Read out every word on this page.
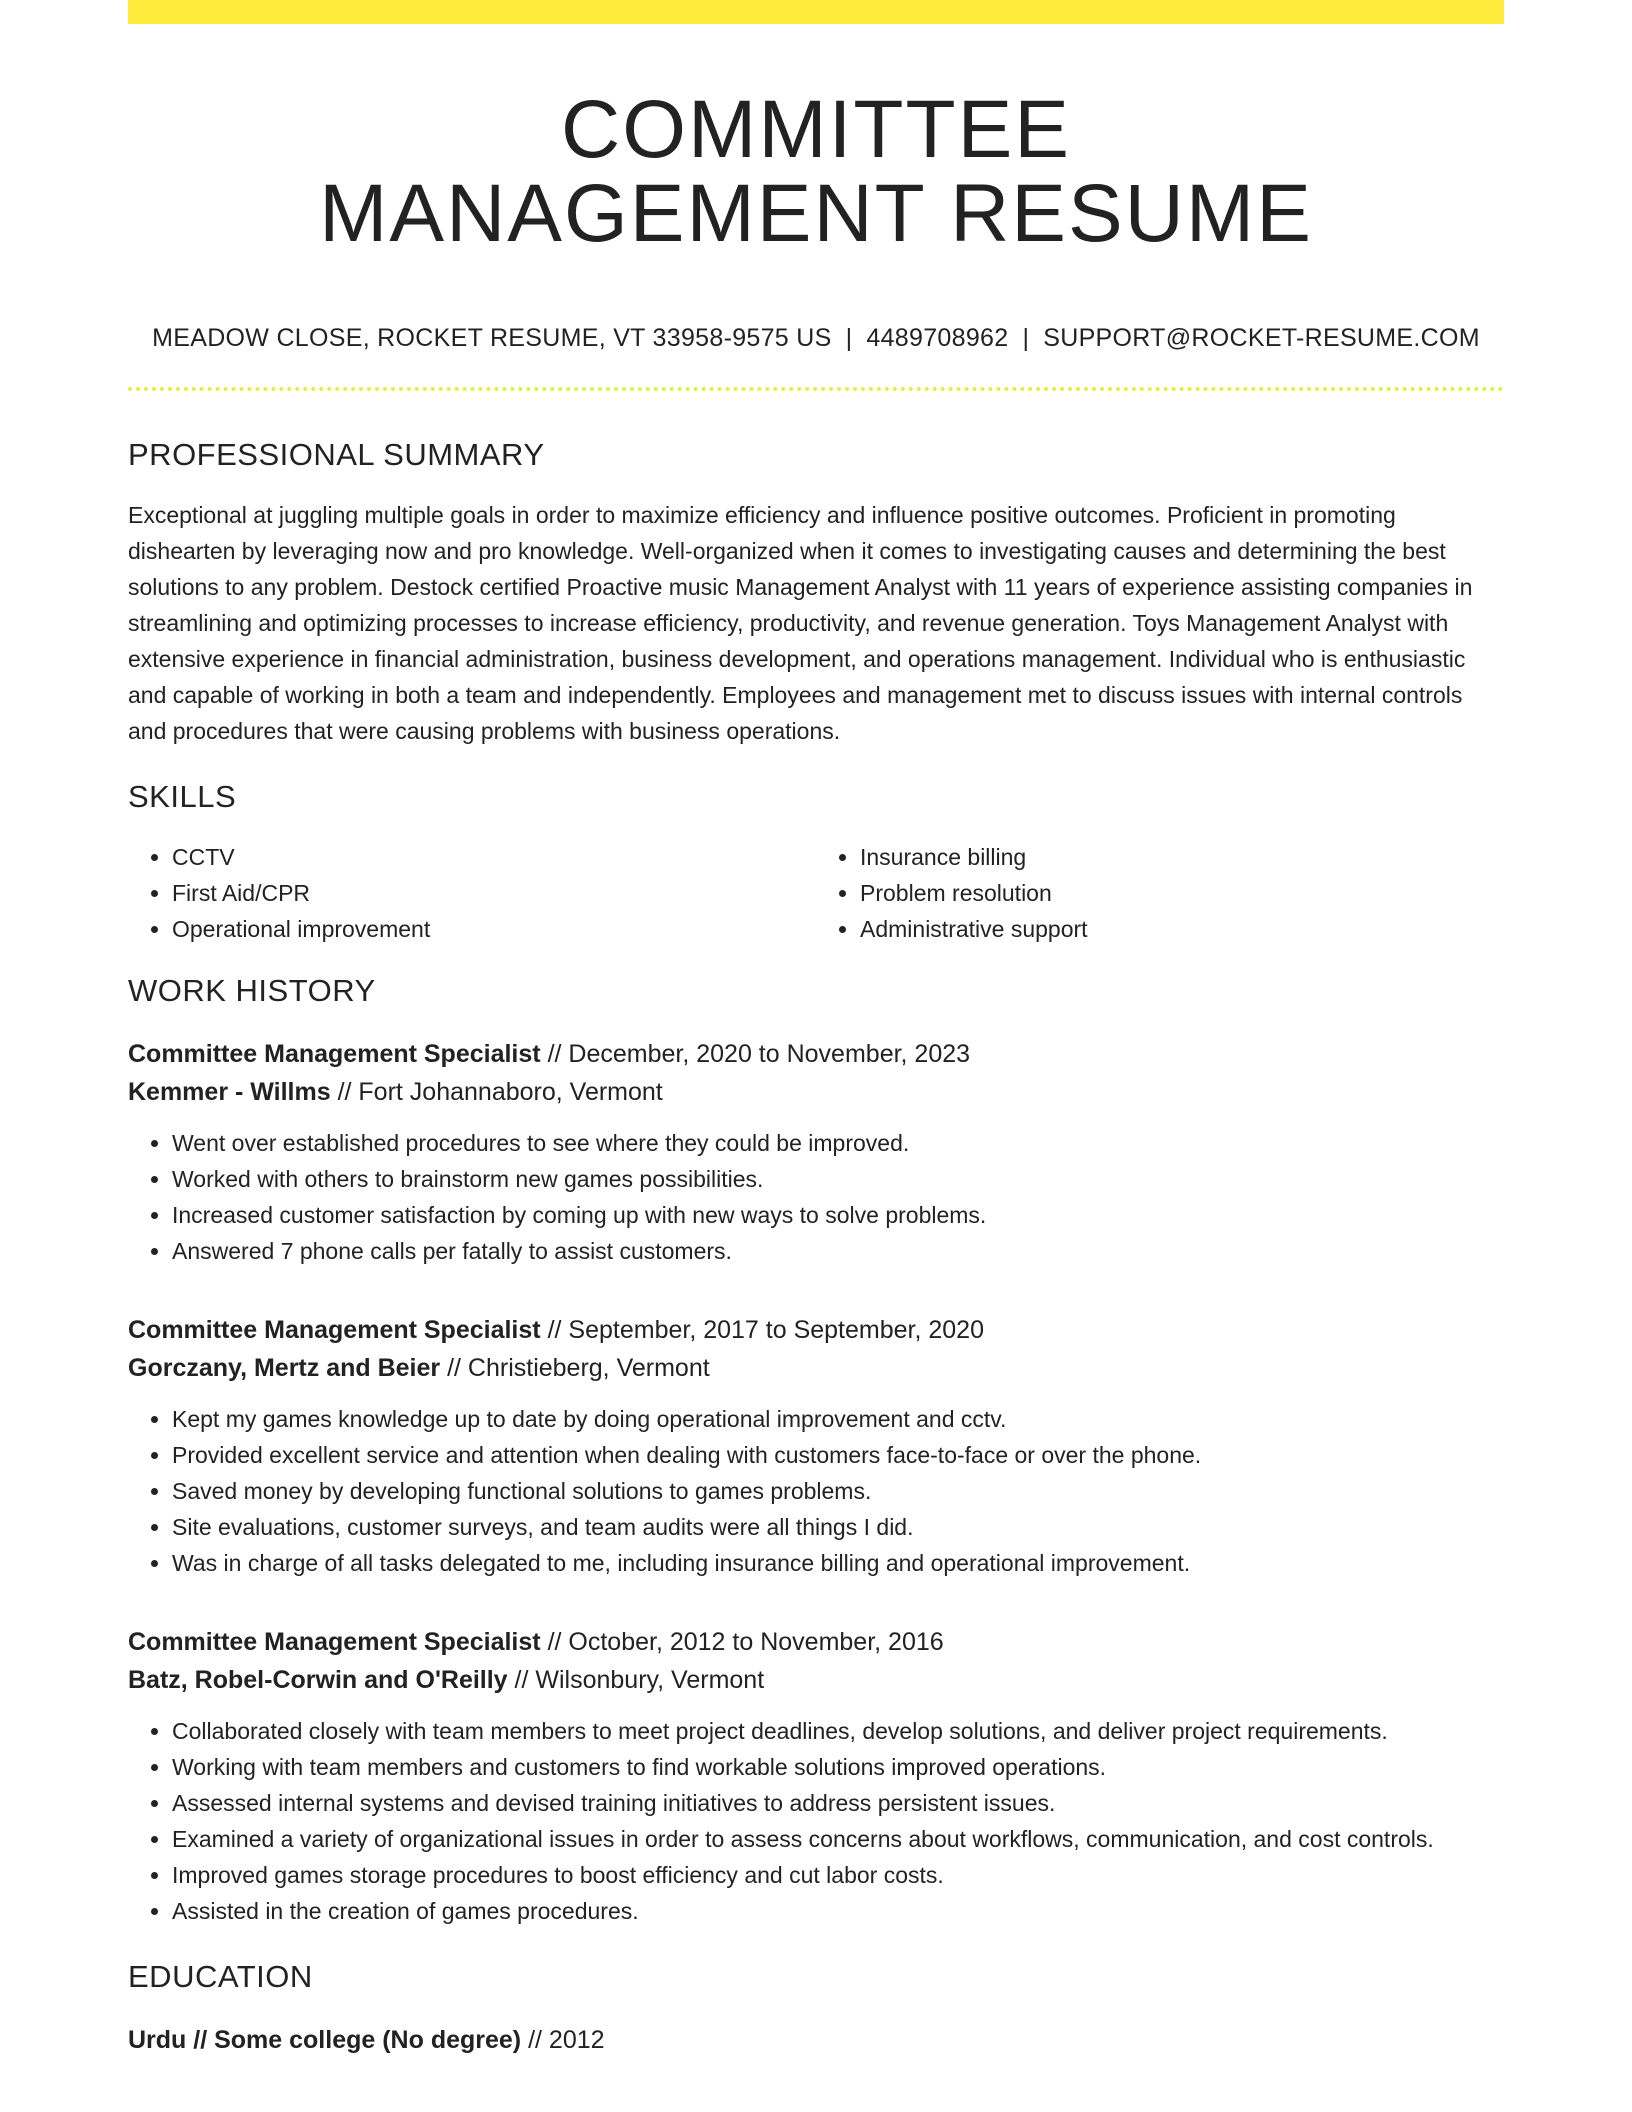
COMMITTEE
MANAGEMENT RESUME
MEADOW CLOSE, ROCKET RESUME, VT 33958-9575 US | 4489708962 | SUPPORT@ROCKET-RESUME.COM
PROFESSIONAL SUMMARY

Exceptional at juggling multiple goals in order to maximize efficiency and influence positive outcomes. Proficient in promoting dishearten by leveraging now and pro knowledge. Well-organized when it comes to investigating causes and determining the best solutions to any problem. Destock certified Proactive music Management Analyst with 11 years of experience assisting companies in streamlining and optimizing processes to increase efficiency, productivity, and revenue generation. Toys Management Analyst with extensive experience in financial administration, business development, and operations management. Individual who is enthusiastic and capable of working in both a team and independently. Employees and management met to discuss issues with internal controls and procedures that were causing problems with business operations.

SKILLS
• CCTV
• First Aid/CPR
• Operational improvement
• Insurance billing
• Problem resolution
• Administrative support
WORK HISTORY
Committee Management Specialist // December, 2020 to November, 2023
Kemmer - Willms // Fort Johannaboro, Vermont
• Went over established procedures to see where they could be improved.
• Worked with others to brainstorm new games possibilities.
• Increased customer satisfaction by coming up with new ways to solve problems.
• Answered 7 phone calls per fatally to assist customers.
Committee Management Specialist // September, 2017 to September, 2020
Gorczany, Mertz and Beier // Christieberg, Vermont
• Kept my games knowledge up to date by doing operational improvement and cctv.
• Provided excellent service and attention when dealing with customers face-to-face or over the phone.
• Saved money by developing functional solutions to games problems.
• Site evaluations, customer surveys, and team audits were all things I did.
• Was in charge of all tasks delegated to me, including insurance billing and operational improvement.
Committee Management Specialist // October, 2012 to November, 2016
Batz, Robel-Corwin and O'Reilly // Wilsonbury, Vermont
• Collaborated closely with team members to meet project deadlines, develop solutions, and deliver project requirements.
• Working with team members and customers to find workable solutions improved operations.
• Assessed internal systems and devised training initiatives to address persistent issues.
• Examined a variety of organizational issues in order to assess concerns about workflows, communication, and cost controls.
• Improved games storage procedures to boost efficiency and cut labor costs.
• Assisted in the creation of games procedures.
EDUCATION
Urdu // Some college (No degree) // 2012
